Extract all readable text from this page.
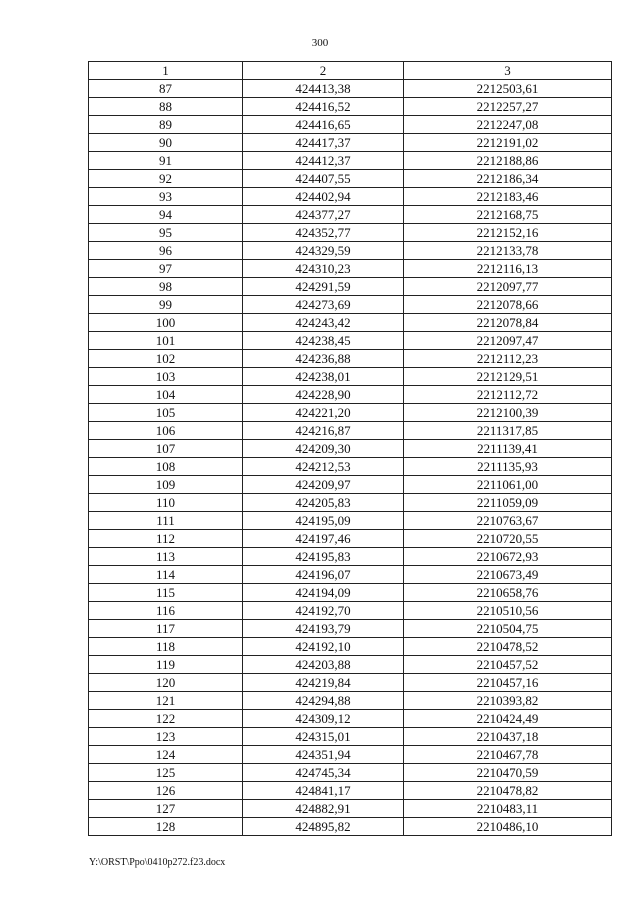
300
1	2	3
87	424413,38	2212503,61
88	424416,52	2212257,27
89	424416,65	2212247,08
90	424417,37	2212191,02
91	424412,37	2212188,86
92	424407,55	2212186,34
93	424402,94	2212183,46
94	424377,27	2212168,75
95	424352,77	2212152,16
96	424329,59	2212133,78
97	424310,23	2212116,13
98	424291,59	2212097,77
99	424273,69	2212078,66
100	424243,42	2212078,84
101	424238,45	2212097,47
102	424236,88	2212112,23
103	424238,01	2212129,51
104	424228,90	2212112,72
105	424221,20	2212100,39
106	424216,87	2211317,85
107	424209,30	2211139,41
108	424212,53	2211135,93
109	424209,97	2211061,00
110	424205,83	2211059,09
111	424195,09	2210763,67
112	424197,46	2210720,55
113	424195,83	2210672,93
114	424196,07	2210673,49
115	424194,09	2210658,76
116	424192,70	2210510,56
117	424193,79	2210504,75
118	424192,10	2210478,52
119	424203,88	2210457,52
120	424219,84	2210457,16
121	424294,88	2210393,82
122	424309,12	2210424,49
123	424315,01	2210437,18
124	424351,94	2210467,78
125	424745,34	2210470,59
126	424841,17	2210478,82
127	424882,91	2210483,11
128	424895,82	2210486,10
Y:\ORST\Ppo\0410p272.f23.docx
